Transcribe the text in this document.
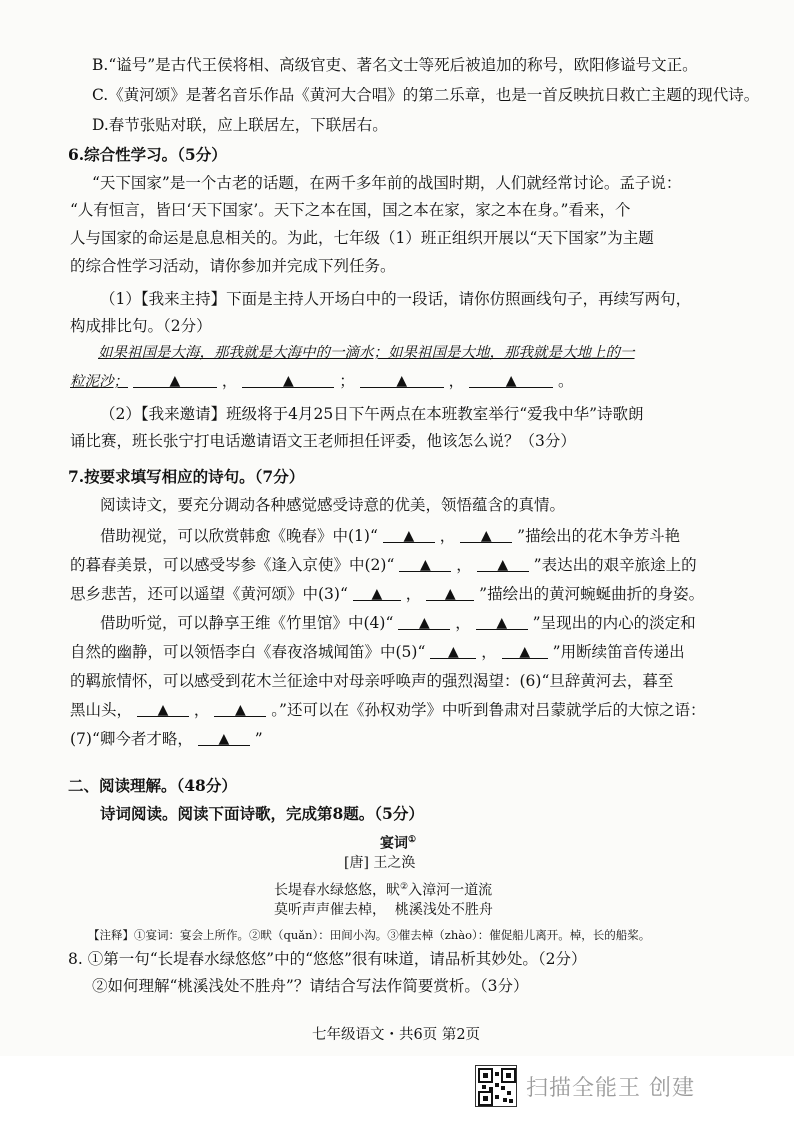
B.“谥号”是古代王侯将相、高级官吏、著名文士等死后被追加的称号，欧阳修谥号文正。
C.《黄河颂》是著名音乐作品《黄河大合唱》的第二乐章，也是一首反映抗日救亡主题的现代诗。
D.春节张贴对联，应上联居左，下联居右。
6.综合性学习。（5分）
“天下国家”是一个古老的话题，在两千多年前的战国时期，人们就经常讨论。孟子说：
“人有恒言，皆曰‘天下国家’。天下之本在国，国之本在家，家之本在身。”看来，个
人与国家的命运是息息相关的。为此，七年级（1）班正组织开展以“天下国家”为主题
的综合性学习活动，请你参加并完成下列任务。
（1）【我来主持】下面是主持人开场白中的一段话，请你仿照画线句子，再续写两句，
构成排比句。（2分）
如果祖国是大海，那我就是大海中的一滴水；如果祖国是大地，那我就是大地上的一
粒泥沙；	▲	，	▲	；	▲	，	▲	。
（2）【我来邀请】班级将于4月25日下午两点在本班教室举行“爱我中华”诗歌朗
诵比赛，班长张宁打电话邀请语文王老师担任评委，他该怎么说？（3分）
7.按要求填写相应的诗句。（7分）
阅读诗文，要充分调动各种感觉感受诗意的优美，领悟蕴含的真情。
借助视觉，可以欣赏韩愈《晚春》中(1)“ ▲ ， ▲ ”描绘出的花木争芳斗艳
的暮春美景，可以感受岑参《逢入京使》中(2)“ ▲ ， ▲ ”表达出的艰辛旅途上的
思乡悲苦，还可以遥望《黄河颂》中(3)“ ▲ ， ▲ ”描绘出的黄河蜿蜒曲折的身姿。
借助听觉，可以静享王维《竹里馆》中(4)“ ▲ ， ▲ ”呈现出的内心的淡定和
自然的幽静，可以领悟李白《春夜洛城闻笛》中(5)“ ▲ ， ▲ ”用断续笛音传递出
的羁旅情怀，可以感受到花木兰征途中对母亲呼唤声的强烈渴望：(6)“旦辞黄河去，暮至
黑山头， ▲ ， ▲ 。”还可以在《孙权劝学》中听到鲁肃对吕蒙就学后的大惊之语：
(7)“卿今者才略， ▲ ”
二、阅读理解。（48分）
诗词阅读。阅读下面诗歌，完成第8题。（5分）
宴词①
[唐] 王之涣
长堤春水绿悠悠，畎②入漳河一道流
莫听声声催去棹，  桃溪浅处不胜舟
【注释】①宴词：宴会上所作。②畎（quǎn）：田间小沟。③催去棹（zhào）：催促船儿离开。棹，长的船桨。
8. ①第一句“长堤春水绿悠悠”中的“悠悠”很有味道，请品析其妙处。（2分）
②如何理解“桃溪浅处不胜舟”？请结合写法作简要赏析。（3分）
七年级语文・共6页 第2页
扫描全能王 创建
